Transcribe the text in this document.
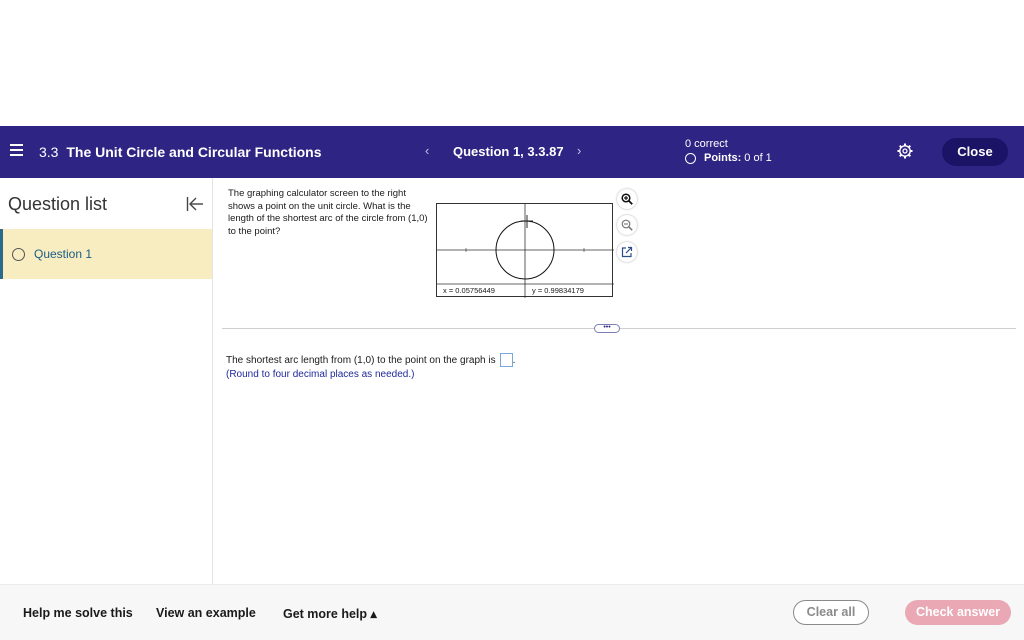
3.3 The Unit Circle and Circular Functions	‹ Question 1, 3.3.87 ›	0 correct
Points: 0 of 1	Close
Question list
Question 1
The graphing calculator screen to the right shows a point on the unit circle. What is the length of the shortest arc of the circle from (1,0) to the point?
x = 0.05756449	y = 0.99834179
•••
The shortest arc length from (1,0) to the point on the graph is .
(Round to four decimal places as needed.)
Help me solve this View an example Get more help ▴	Clear all	Check answer
